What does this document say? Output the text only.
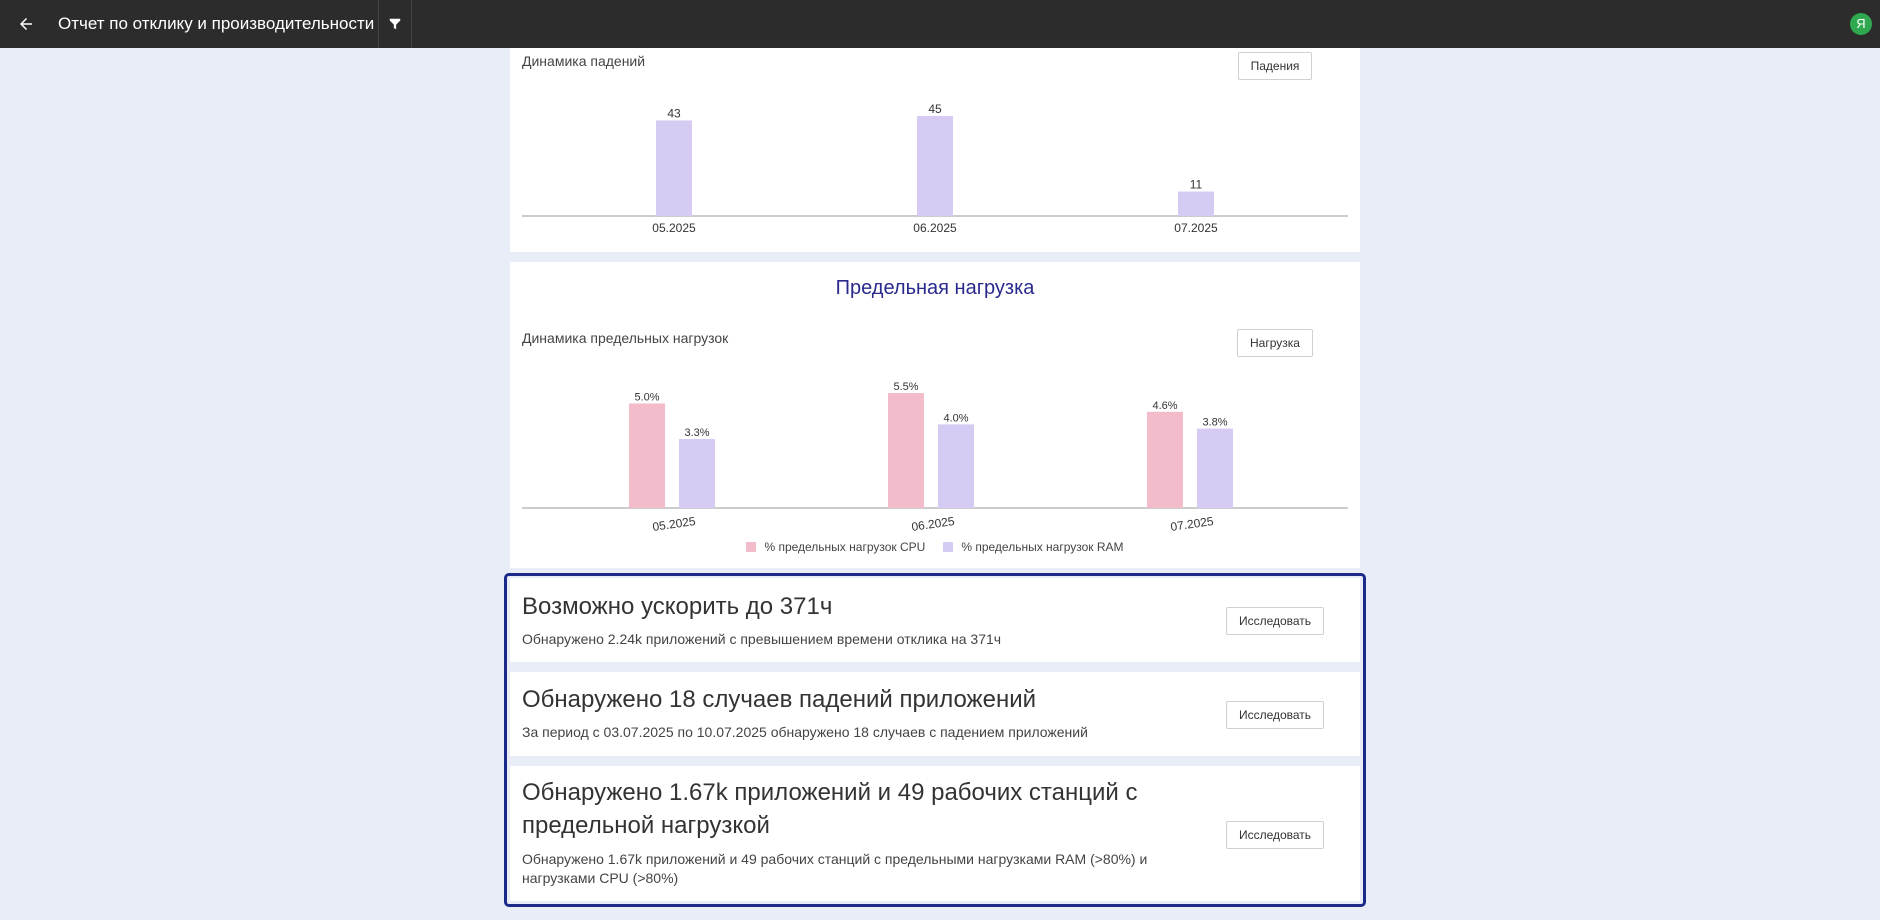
Отчет по отклику и производительности	Я
Динамика падений	Падения
43
05.2025
45
06.2025
11
07.2025
Предельная нагрузка
Динамика предельных нагрузок	Нагрузка
5.0%
3.3%
05.2025
5.5%
4.0%
06.2025
4.6%
3.8%
07.2025
% предельных нагрузок CPU	% предельных нагрузок RAM
Возможно ускорить до 371ч
Обнаружено 2.24k приложений с превышением времени отклика на 371ч
Исследовать
Обнаружено 18 случаев падений приложений
За период с 03.07.2025 по 10.07.2025 обнаружено 18 случаев с падением приложений
Исследовать
Обнаружено 1.67k приложений и 49 рабочих станций с предельной нагрузкой
Обнаружено 1.67k приложений и 49 рабочих станций с предельными нагрузками RAM (>80%) и нагрузками CPU (>80%)
Исследовать
